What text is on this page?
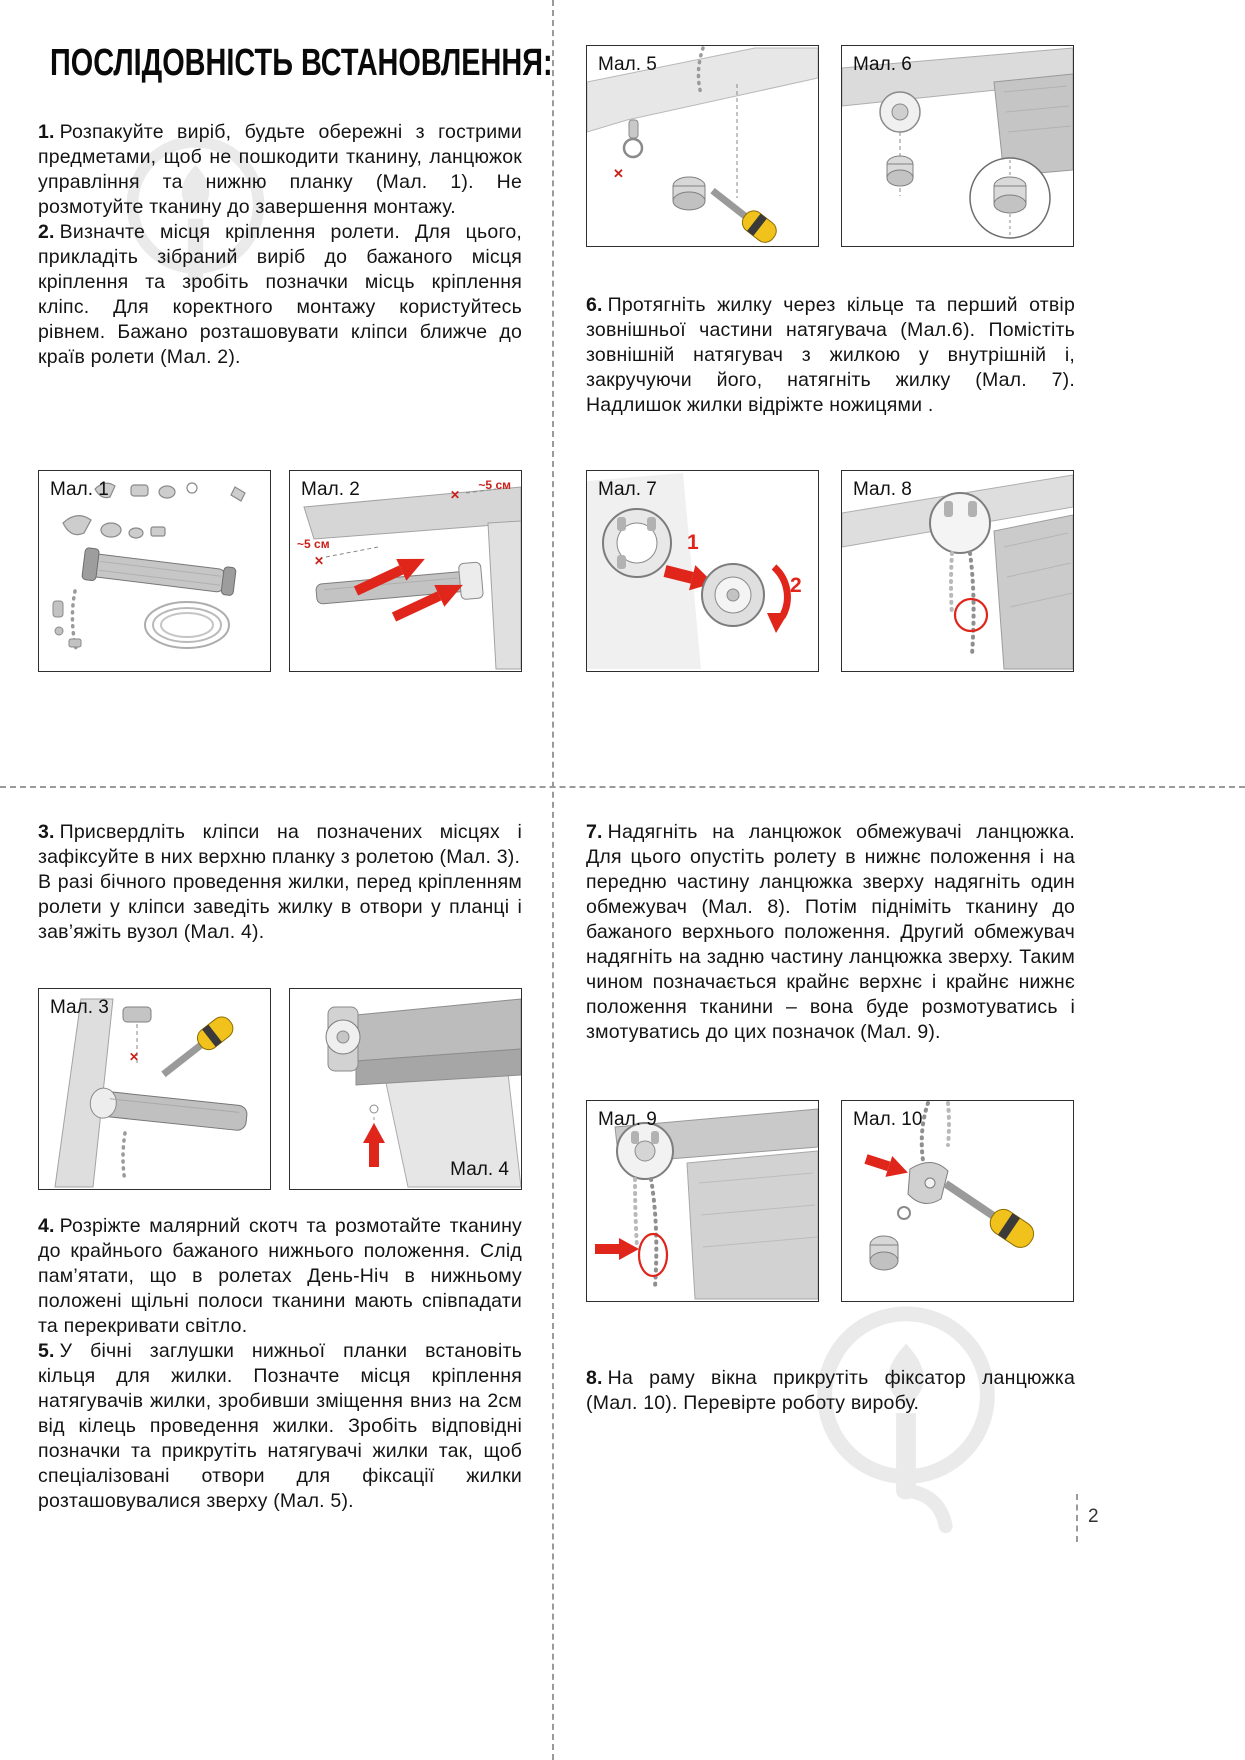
ПОСЛІДОВНІСТЬ ВСТАНОВЛЕННЯ:

1. Розпакуйте виріб, будьте обережні з гострими предметами, щоб не пошкодити тканину, ланцюжок управління та нижню планку (Мал. 1). Не розмотуйте тканину до завершення монтажу.

2. Визначте місця кріплення ролети. Для цього, прикладіть зібраний виріб до бажаного місця кріплення та зробіть позначки місць кріплення кліпс. Для коректного монтажу користуйтесь рівнем. Бажано розташовувати кліпси ближче до країв ролети (Мал. 2).

Мал. 1	Мал. 2	~5 см
~5 см
✕
✕
Мал. 5
✕
Мал. 6

6. Протягніть жилку через кільце та перший отвір зовнішньої частини натягувача (Мал.6). Помістіть зовнішній натягувач з жилкою у внутрішній і, закручуючи його, натягніть жилку (Мал. 7). Надлишок жилки відріжте ножицями .

Мал. 7
1
2
Мал. 8

3. Присвердліть кліпси на позначених місцях і зафіксуйте в них верхню планку з ролетою (Мал. 3).

В разі бічного проведення жилки, перед кріпленням ролети у кліпси заведіть жилку в отвори у планці і зав’яжіть вузол (Мал. 4).

Мал. 3
✕
Мал. 4

4. Розріжте малярний скотч та розмотайте тканину до крайнього бажаного нижнього положення. Слід пам’ятати, що в ролетах День-Ніч в нижньому положені щільні полоси тканини мають співпадати та перекривати світло.

5. У бічні заглушки нижньої планки встановіть кільця для жилки. Позначте місця кріплення натягувачів жилки, зробивши зміщення вниз на 2см від кілець проведення жилки. Зробіть відповідні позначки та прикрутіть натягувачі жилки так, щоб спеціалізовані отвори для фіксації жилки розташовувалися зверху (Мал. 5).

7. Надягніть на ланцюжок обмежувачі ланцюжка. Для цього опустіть ролету в нижнє положення і на передню частину ланцюжка зверху надягніть один обмежувач (Мал. 8). Потім підніміть тканину до бажаного верхнього положення. Другий обмежувач надягніть на задню частину ланцюжка зверху. Таким чином позначається крайнє верхнє і крайнє нижнє положення тканини – вона буде розмотуватись і змотуватись до цих позначок (Мал. 9).

Мал. 9	Мал. 10

8. На раму вікна прикрутіть фіксатор ланцюжка (Мал. 10). Перевірте роботу виробу.

2
